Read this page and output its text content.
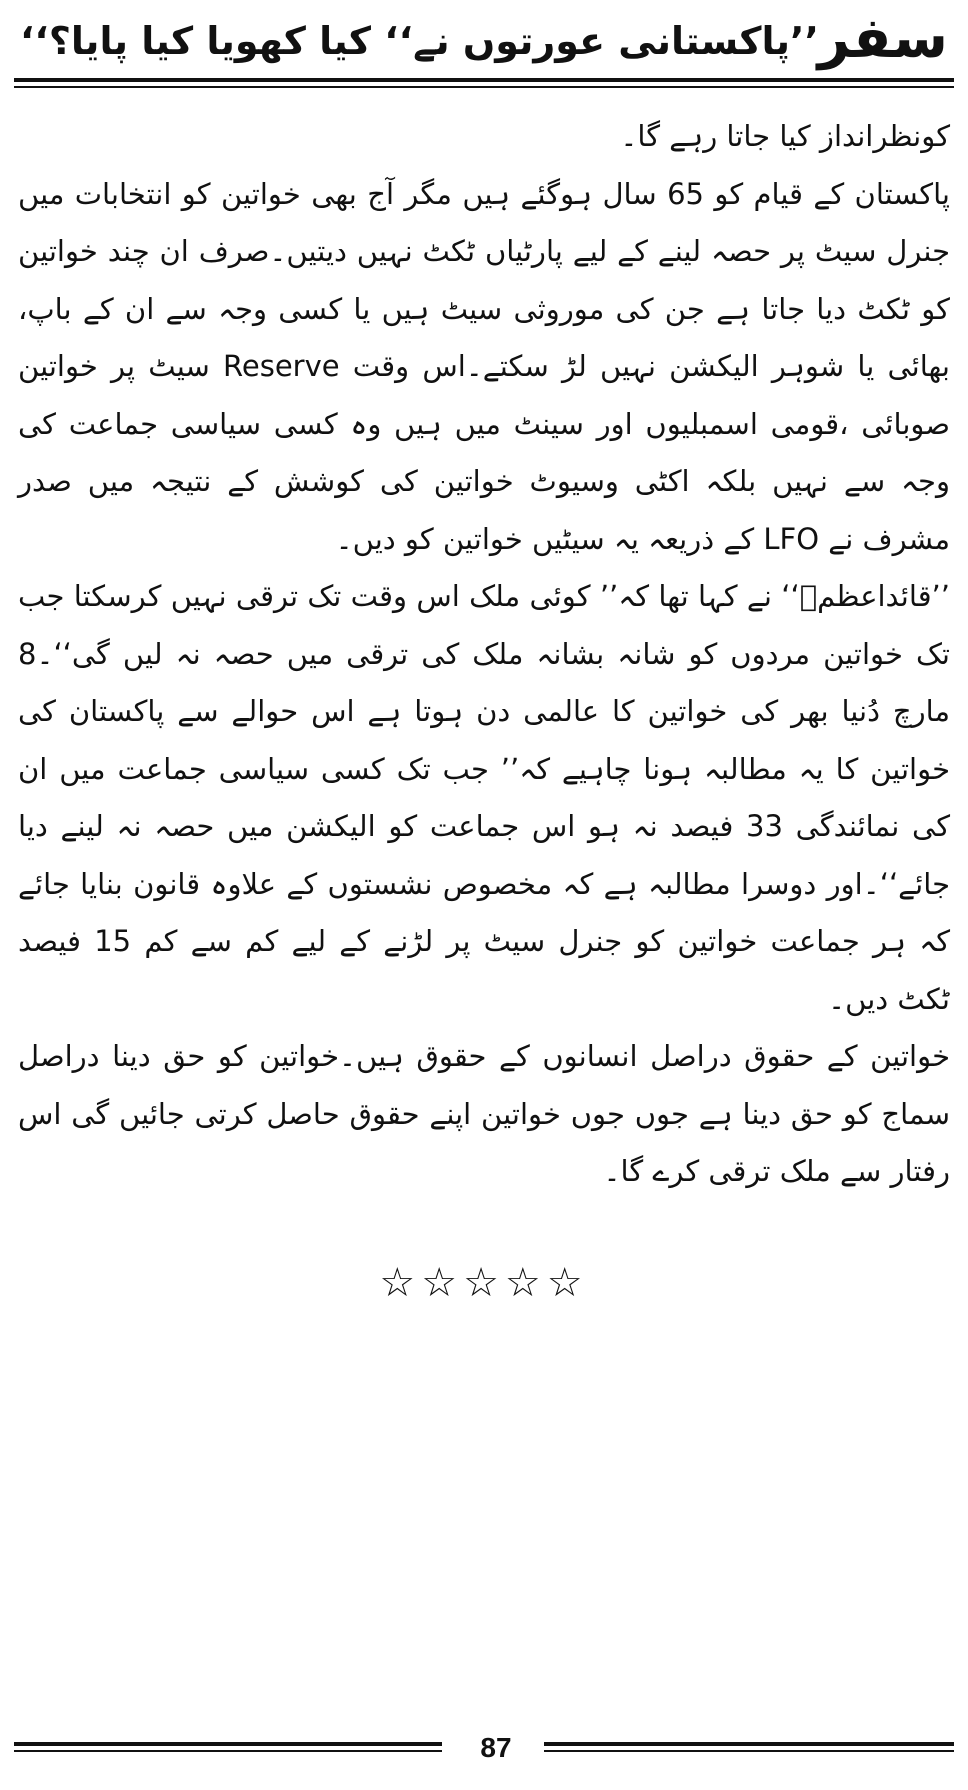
سفر
’’پاکستانی عورتوں نے‘‘ کیا کھویا کیا پایا؟‘‘

کونظرانداز کیا جاتا رہے گا۔

پاکستان کے قیام کو 65 سال ہوگئے ہیں مگر آج بھی خواتین کو انتخابات میں جنرل سیٹ پر حصہ لینے کے لیے پارٹیاں ٹکٹ نہیں دیتیں۔صرف ان چند خواتین کو ٹکٹ دیا جاتا ہے جن کی موروثی سیٹ ہیں یا کسی وجہ سے ان کے باپ، بھائی یا شوہر الیکشن نہیں لڑ سکتے۔اس وقت Reserve سیٹ پر خواتین صوبائی ،قومی اسمبلیوں اور سینٹ میں ہیں وہ کسی سیاسی جماعت کی وجہ سے نہیں بلکہ اکٹی وسیوٹ خواتین کی کوشش کے نتیجہ میں صدر مشرف نے LFO کے ذریعہ یہ سیٹیں خواتین کو دیں۔

’’قائداعظمؒ‘‘ نے کہا تھا کہ’’ کوئی ملک اس وقت تک ترقی نہیں کرسکتا جب تک خواتین مردوں کو شانہ بشانہ ملک کی ترقی میں حصہ نہ لیں گی‘‘۔8 مارچ دُنیا بھر کی خواتین کا عالمی دن ہوتا ہے اس حوالے سے پاکستان کی خواتین کا یہ مطالبہ ہونا چاہیے کہ’’ جب تک کسی سیاسی جماعت میں ان کی نمائندگی 33 فیصد نہ ہو اس جماعت کو الیکشن میں حصہ نہ لینے دیا جائے‘‘۔اور دوسرا مطالبہ ہے کہ مخصوص نشستوں کے علاوہ قانون بنایا جائے کہ ہر جماعت خواتین کو جنرل سیٹ پر لڑنے کے لیے کم سے کم 15 فیصد ٹکٹ دیں۔

خواتین کے حقوق دراصل انسانوں کے حقوق ہیں۔خواتین کو حق دینا دراصل سماج کو حق دینا ہے جوں جوں خواتین اپنے حقوق حاصل کرتی جائیں گی اس رفتار سے ملک ترقی کرے گا۔

☆☆☆☆☆
87
